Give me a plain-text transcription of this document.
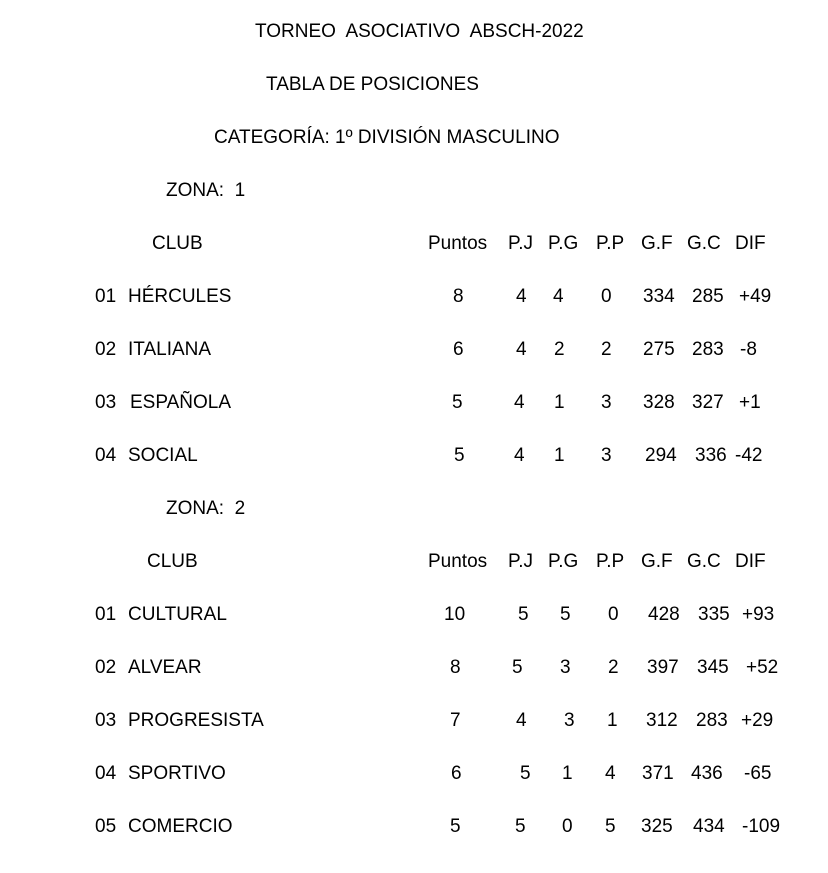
TORNEO  ASOCIATIVO  ABSCH-2022
TABLA DE POSICIONES
CATEGORÍA: 1º DIVISIÓN MASCULINO
ZONA:  1
CLUB	Puntos P.J P.G P.P G.F G.C DIF
01 HÉRCULES	8	4 4 0 334 285 +49
02 ITALIANA	6	4 2 2 275 283 -8
03 ESPAÑOLA	5	4 1 3 328 327 +1
04 SOCIAL	5	4 1 3 294 336 -42
ZONA:  2
CLUB	Puntos P.J P.G P.P G.F G.C DIF
01 CULTURAL	10	5 5 0 428 335 +93
02 ALVEAR	8	5 3 2 397 345 +52
03 PROGRESISTA	7	4 3 1 312 283 +29
04 SPORTIVO	6	5 1 4 371 436 -65
05 COMERCIO	5	5 0 5 325 434 -109
